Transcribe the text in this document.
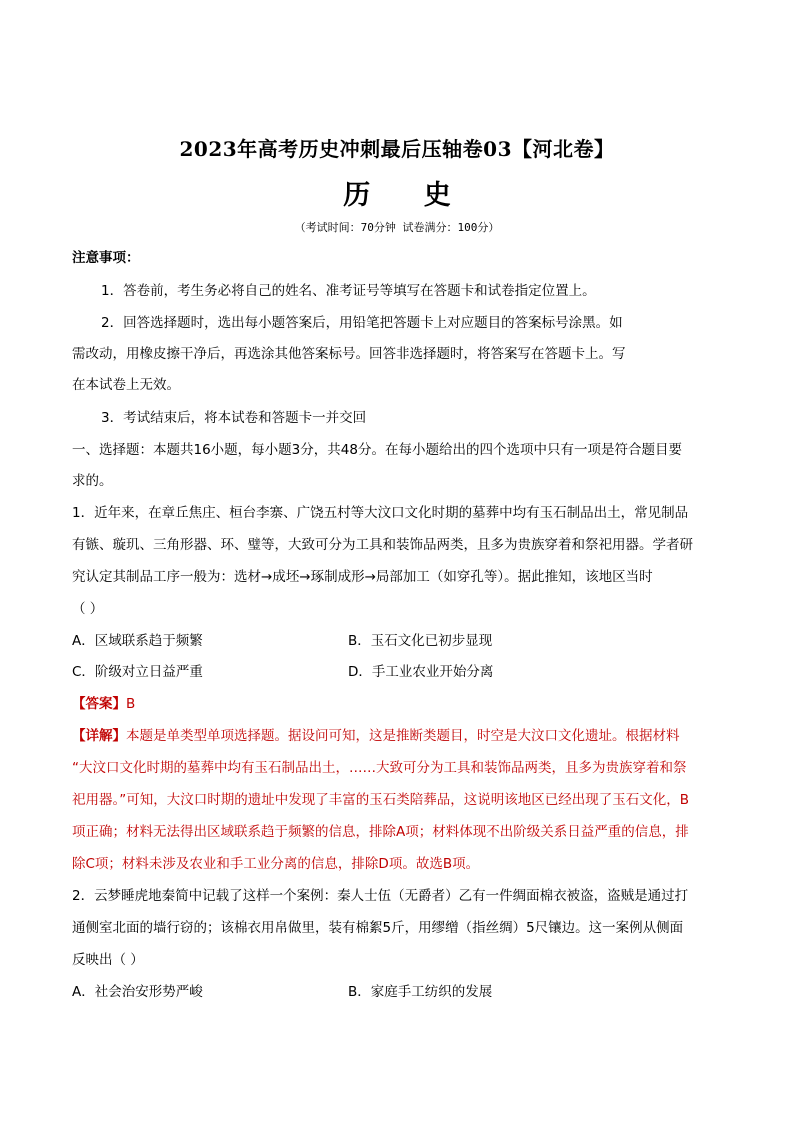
2023年高考历史冲刺最后压轴卷03【河北卷】
历 史
（考试时间：70分钟 试卷满分：100分）
注意事项：
1．答卷前，考生务必将自己的姓名、准考证号等填写在答题卡和试卷指定位置上。
2．回答选择题时，选出每小题答案后，用铅笔把答题卡上对应题目的答案标号涂黑。如
需改动，用橡皮擦干净后，再选涂其他答案标号。回答非选择题时，将答案写在答题卡上。写
在本试卷上无效。
3．考试结束后，将本试卷和答题卡一并交回
一、选择题：本题共16小题，每小题3分，共48分。在每小题给出的四个选项中只有一项是符合题目要
求的。
1．近年来，在章丘焦庄、桓台李寨、广饶五村等大汶口文化时期的墓葬中均有玉石制品出土，常见制品
有镞、璇玑、三角形器、环、璧等，大致可分为工具和装饰品两类，且多为贵族穿着和祭祀用器。学者研
究认定其制品工序一般为：选材→成坯→琢制成形→局部加工（如穿孔等）。据此推知，该地区当时
（ ）
A．区域联系趋于频繁	B．玉石文化已初步显现
C．阶级对立日益严重	D．手工业农业开始分离
【答案】B
【详解】本题是单类型单项选择题。据设问可知，这是推断类题目，时空是大汶口文化遗址。根据材料
“大汶口文化时期的墓葬中均有玉石制品出土，……大致可分为工具和装饰品两类，且多为贵族穿着和祭
祀用器。”可知，大汶口时期的遗址中发现了丰富的玉石类陪葬品，这说明该地区已经出现了玉石文化，B
项正确；材料无法得出区域联系趋于频繁的信息，排除A项；材料体现不出阶级关系日益严重的信息，排
除C项；材料未涉及农业和手工业分离的信息，排除D项。故选B项。
2．云梦睡虎地秦简中记载了这样一个案例：秦人士伍（无爵者）乙有一件绸面棉衣被盗，盗贼是通过打
通侧室北面的墙行窃的；该棉衣用帛做里，装有棉絮5斤，用缪缯（指丝绸）5尺镶边。这一案例从侧面
反映出（ ）
A．社会治安形势严峻	B．家庭手工纺织的发展
